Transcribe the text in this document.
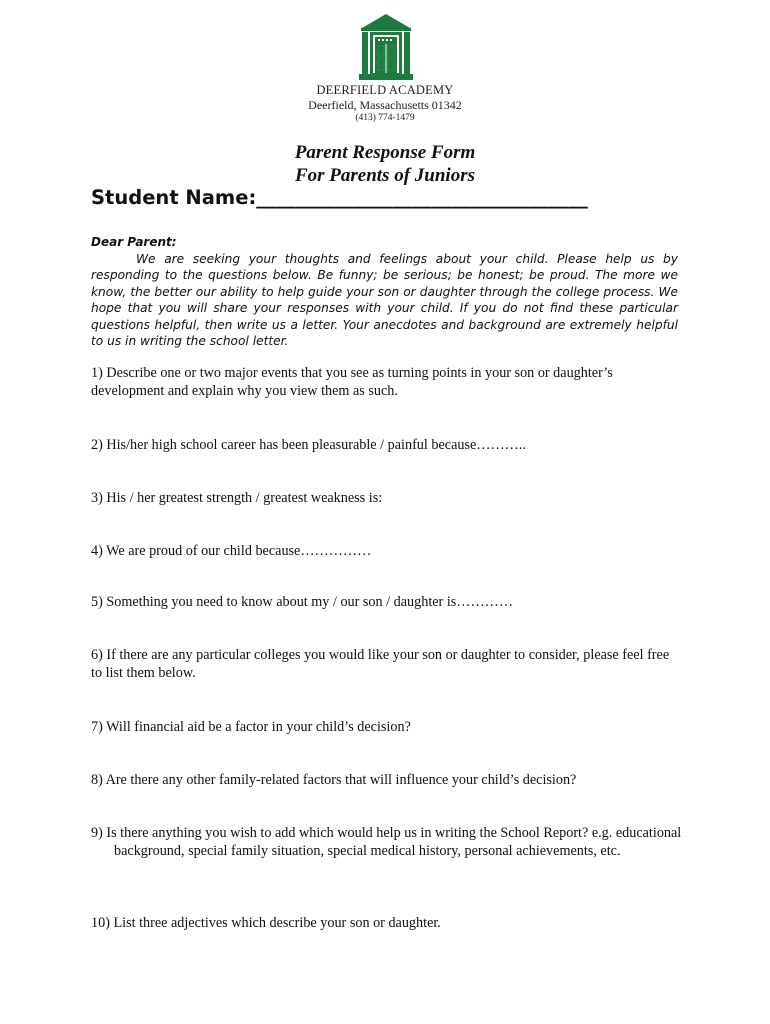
DEERFIELD ACADEMY
Deerfield, Massachusetts 01342
(413) 774-1479
Parent Response Form
For Parents of Juniors
Student Name:__________________________________
Dear Parent:

We are seeking your thoughts and feelings about your child. Please help us by responding to the questions below. Be funny; be serious; be honest; be proud. The more we know, the better our ability to help guide your son or daughter through the college process. We hope that you will share your responses with your child. If you do not find these particular questions helpful, then write us a letter. Your anecdotes and background are extremely helpful to us in writing the school letter.

1) Describe one or two major events that you see as turning points in your son or daughter’s development and explain why you view them as such.

2) His/her high school career has been pleasurable / painful because………..

3) His / her greatest strength / greatest weakness is:

4) We are proud of our child because……………

5) Something you need to know about my / our son / daughter is…………

6) If there are any particular colleges you would like your son or daughter to consider, please feel free to list them below.

7) Will financial aid be a factor in your child’s decision?

8) Are there any other family-related factors that will influence your child’s decision?

9) Is there anything you wish to add which would help us in writing the School Report? e.g. educational background, special family situation, special medical history, personal achievements, etc.

10) List three adjectives which describe your son or daughter.
